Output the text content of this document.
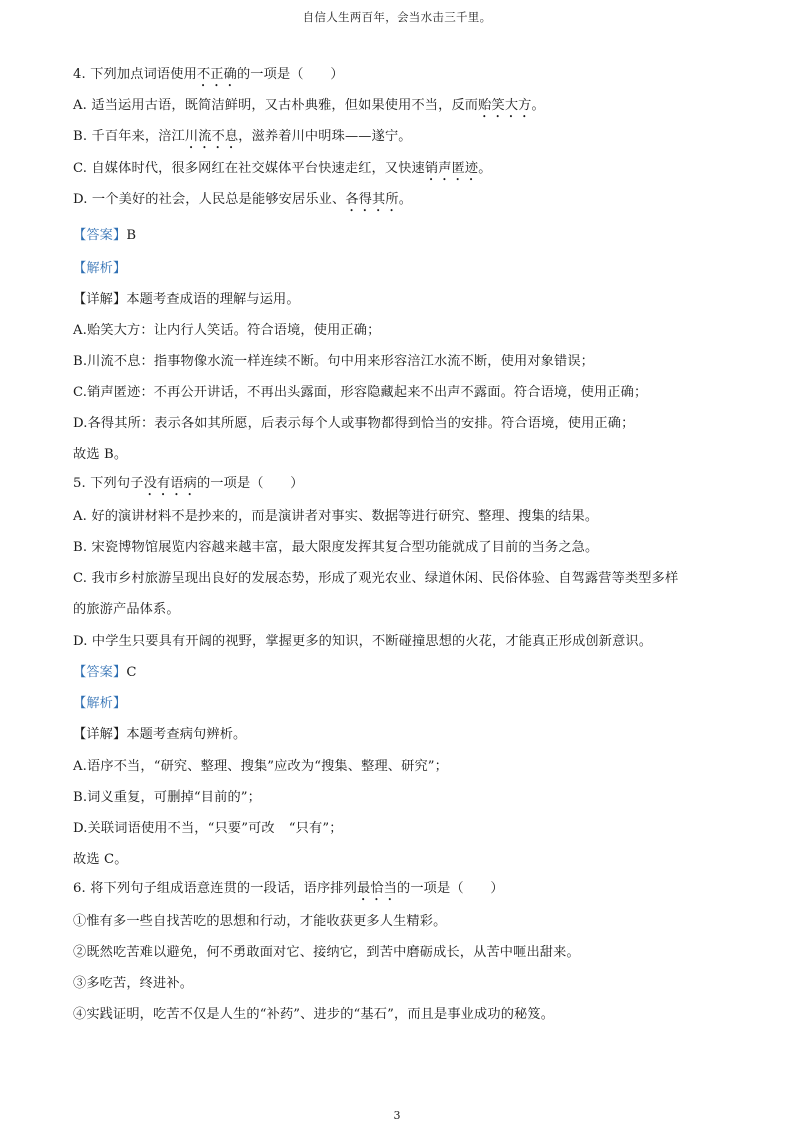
自信人生两百年，会当水击三千里。
4. 下列加点词语使用不正确的一项是（　　）
A. 适当运用古语，既简洁鲜明，又古朴典雅，但如果使用不当，反而贻笑大方。
B. 千百年来，涪江川流不息，滋养着川中明珠——遂宁。
C. 自媒体时代，很多网红在社交媒体平台快速走红，又快速销声匿迹。
D. 一个美好的社会，人民总是能够安居乐业、各得其所。
【答案】B
【解析】
【详解】本题考查成语的理解与运用。
A.贻笑大方：让内行人笑话。符合语境，使用正确；
B.川流不息：指事物像水流一样连续不断。句中用来形容涪江水流不断，使用对象错误；
C.销声匿迹：不再公开讲话，不再出头露面，形容隐藏起来不出声不露面。符合语境，使用正确；
D.各得其所：表示各如其所愿，后表示每个人或事物都得到恰当的安排。符合语境，使用正确；
故选 B。
5. 下列句子没有语病的一项是（　　）
A. 好的演讲材料不是抄来的，而是演讲者对事实、数据等进行研究、整理、搜集的结果。
B. 宋瓷博物馆展览内容越来越丰富，最大限度发挥其复合型功能就成了目前的当务之急。
C. 我市乡村旅游呈现出良好的发展态势，形成了观光农业、绿道休闲、民俗体验、自驾露营等类型多样
的旅游产品体系。
D. 中学生只要具有开阔的视野，掌握更多的知识，不断碰撞思想的火花，才能真正形成创新意识。
【答案】C
【解析】
【详解】本题考查病句辨析。
A.语序不当，“研究、整理、搜集”应改为“搜集、整理、研究”；
B.词义重复，可删掉“目前的”；
D.关联词语使用不当，“只要”可改 “只有”；
故选 C。
6. 将下列句子组成语意连贯的一段话，语序排列最恰当的一项是（　　）
①惟有多一些自找苦吃的思想和行动，才能收获更多人生精彩。
②既然吃苦难以避免，何不勇敢面对它、接纳它，到苦中磨砺成长，从苦中咂出甜来。
③多吃苦，终进补。
④实践证明，吃苦不仅是人生的“补药”、进步的“基石”，而且是事业成功的秘笈。
3
